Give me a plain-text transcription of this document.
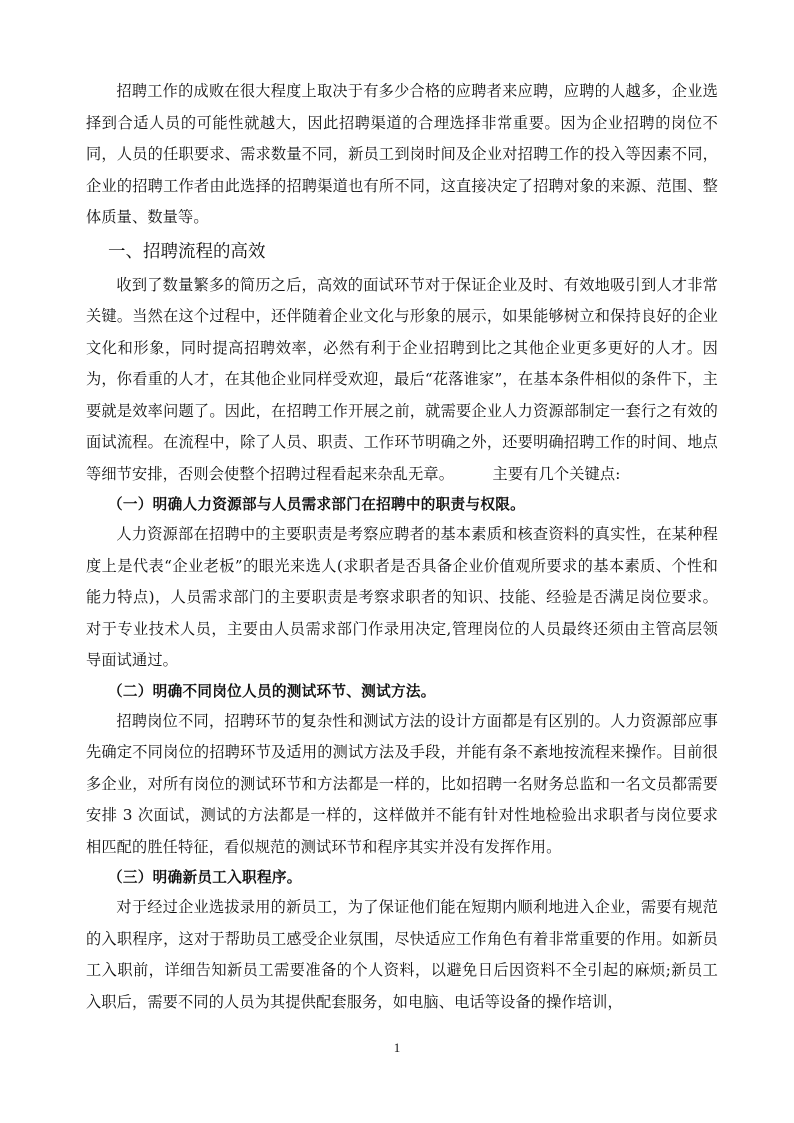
招聘工作的成败在很大程度上取决于有多少合格的应聘者来应聘，应聘的人越多，企业选择到合适人员的可能性就越大，因此招聘渠道的合理选择非常重要。因为企业招聘的岗位不同，人员的任职要求、需求数量不同，新员工到岗时间及企业对招聘工作的投入等因素不同，企业的招聘工作者由此选择的招聘渠道也有所不同，这直接决定了招聘对象的来源、范围、整体质量、数量等。

一、招聘流程的高效

收到了数量繁多的简历之后，高效的面试环节对于保证企业及时、有效地吸引到人才非常关键。当然在这个过程中，还伴随着企业文化与形象的展示，如果能够树立和保持良好的企业文化和形象，同时提高招聘效率，必然有利于企业招聘到比之其他企业更多更好的人才。因为，你看重的人才，在其他企业同样受欢迎，最后“花落谁家”，在基本条件相似的条件下，主要就是效率问题了。因此，在招聘工作开展之前，就需要企业人力资源部制定一套行之有效的面试流程。在流程中，除了人员、职责、工作环节明确之外，还要明确招聘工作的时间、地点等细节安排，否则会使整个招聘过程看起来杂乱无章。　　　主要有几个关键点:

（一）明确人力资源部与人员需求部门在招聘中的职责与权限。

人力资源部在招聘中的主要职责是考察应聘者的基本素质和核查资料的真实性，在某种程度上是代表“企业老板”的眼光来选人(求职者是否具备企业价值观所要求的基本素质、个性和能力特点)，人员需求部门的主要职责是考察求职者的知识、技能、经验是否满足岗位要求。对于专业技术人员，主要由人员需求部门作录用决定,管理岗位的人员最终还须由主管高层领导面试通过。

（二）明确不同岗位人员的测试环节、测试方法。

招聘岗位不同，招聘环节的复杂性和测试方法的设计方面都是有区别的。人力资源部应事先确定不同岗位的招聘环节及适用的测试方法及手段，并能有条不紊地按流程来操作。目前很多企业，对所有岗位的测试环节和方法都是一样的，比如招聘一名财务总监和一名文员都需要安排 3 次面试，测试的方法都是一样的，这样做并不能有针对性地检验出求职者与岗位要求相匹配的胜任特征，看似规范的测试环节和程序其实并没有发挥作用。

（三）明确新员工入职程序。

对于经过企业选拔录用的新员工，为了保证他们能在短期内顺利地进入企业，需要有规范的入职程序，这对于帮助员工感受企业氛围，尽快适应工作角色有着非常重要的作用。如新员工入职前，详细告知新员工需要准备的个人资料，以避免日后因资料不全引起的麻烦;新员工入职后，需要不同的人员为其提供配套服务，如电脑、电话等设备的操作培训，

1
